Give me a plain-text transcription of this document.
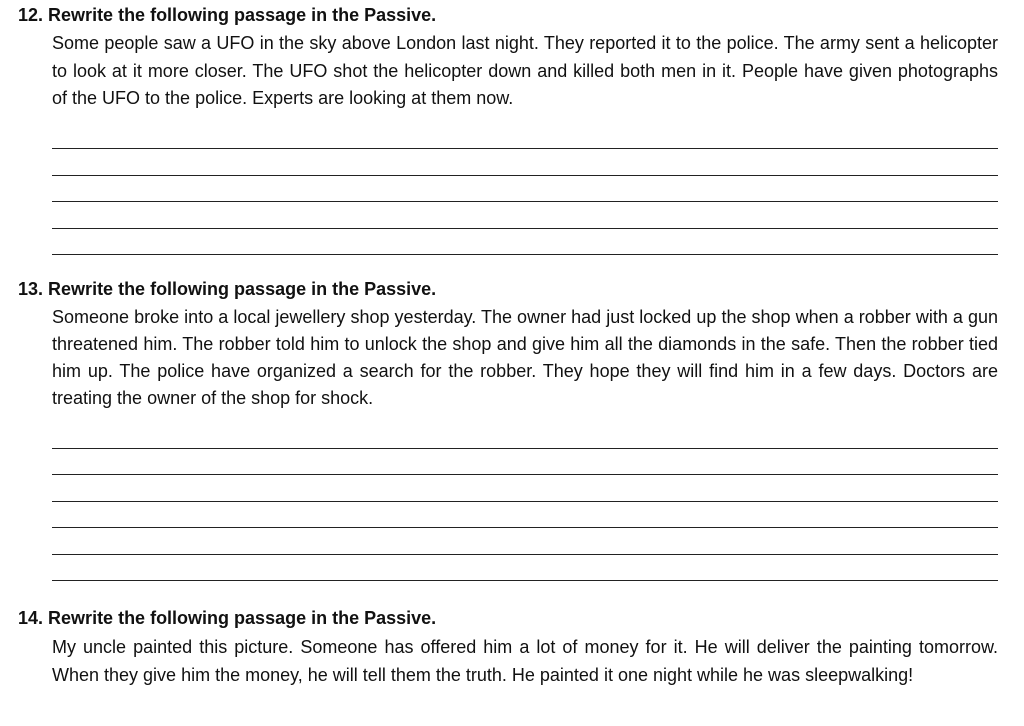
12. Rewrite the following passage in the Passive.
Some people saw a UFO in the sky above London last night. They reported it to the police. The army sent a helicopter to look at it more closer. The UFO shot the helicopter down and killed both men in it. People have given photographs of the UFO to the police. Experts are looking at them now.
13. Rewrite the following passage in the Passive.
Someone broke into a local jewellery shop yesterday. The owner had just locked up the shop when a robber with a gun threatened him. The robber told him to unlock the shop and give him all the diamonds in the safe. Then the robber tied him up. The police have organized a search for the robber. They hope they will find him in a few days. Doctors are treating the owner of the shop for shock.
14. Rewrite the following passage in the Passive.
My uncle painted this picture. Someone has offered him a lot of money for it. He will deliver the painting tomorrow. When they give him the money, he will tell them the truth. He painted it one night while he was sleepwalking!
